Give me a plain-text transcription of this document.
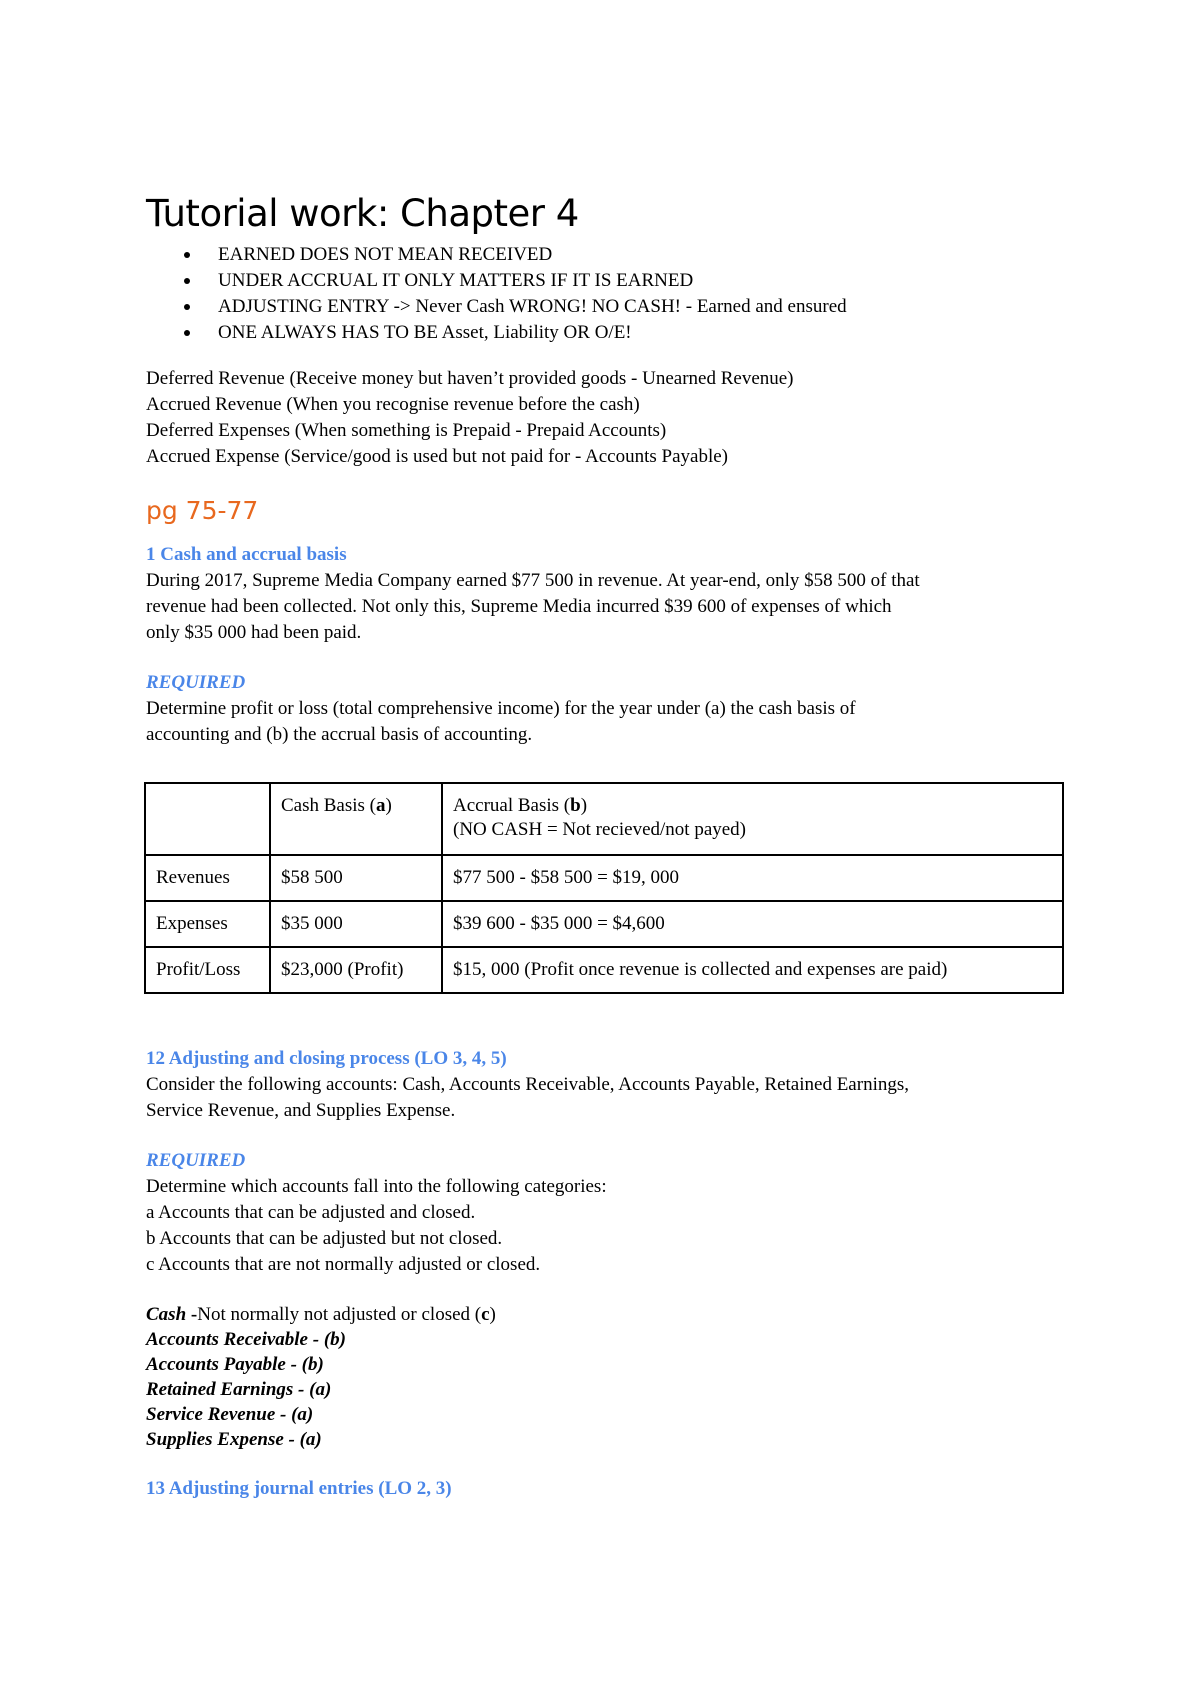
Tutorial work: Chapter 4
EARNED DOES NOT MEAN RECEIVED
UNDER ACCRUAL IT ONLY MATTERS IF IT IS EARNED
ADJUSTING ENTRY -> Never Cash WRONG! NO CASH! - Earned and ensured
ONE ALWAYS HAS TO BE Asset, Liability OR O/E!

Deferred Revenue (Receive money but haven’t provided goods - Unearned Revenue)

Accrued Revenue (When you recognise revenue before the cash)

Deferred Expenses (When something is Prepaid - Prepaid Accounts)

Accrued Expense (Service/good is used but not paid for - Accounts Payable)

pg 75-77

1 Cash and accrual basis

During 2017, Supreme Media Company earned $77 500 in revenue. At year-end, only $58 500 of that

revenue had been collected. Not only this, Supreme Media incurred $39 600 of expenses of which

only $35 000 had been paid.

REQUIRED

Determine profit or loss (total comprehensive income) for the year under (a) the cash basis of

accounting and (b) the accrual basis of accounting.

	Cash Basis (a)	Accrual Basis (b)
(NO CASH = Not recieved/not payed)
Revenues	$58 500	$77 500 - $58 500 = $19, 000
Expenses	$35 000	$39 600 - $35 000 = $4,600
Profit/Loss	$23,000 (Profit)	$15, 000 (Profit once revenue is collected and expenses are paid)

12 Adjusting and closing process (LO 3, 4, 5)

Consider the following accounts: Cash, Accounts Receivable, Accounts Payable, Retained Earnings,

Service Revenue, and Supplies Expense.

REQUIRED

Determine which accounts fall into the following categories:

a Accounts that can be adjusted and closed.

b Accounts that can be adjusted but not closed.

c Accounts that are not normally adjusted or closed.

Cash -Not normally not adjusted or closed (c)

Accounts Receivable - (b)

Accounts Payable - (b)

Retained Earnings - (a)

Service Revenue - (a)

Supplies Expense - (a)

13 Adjusting journal entries (LO 2, 3)
